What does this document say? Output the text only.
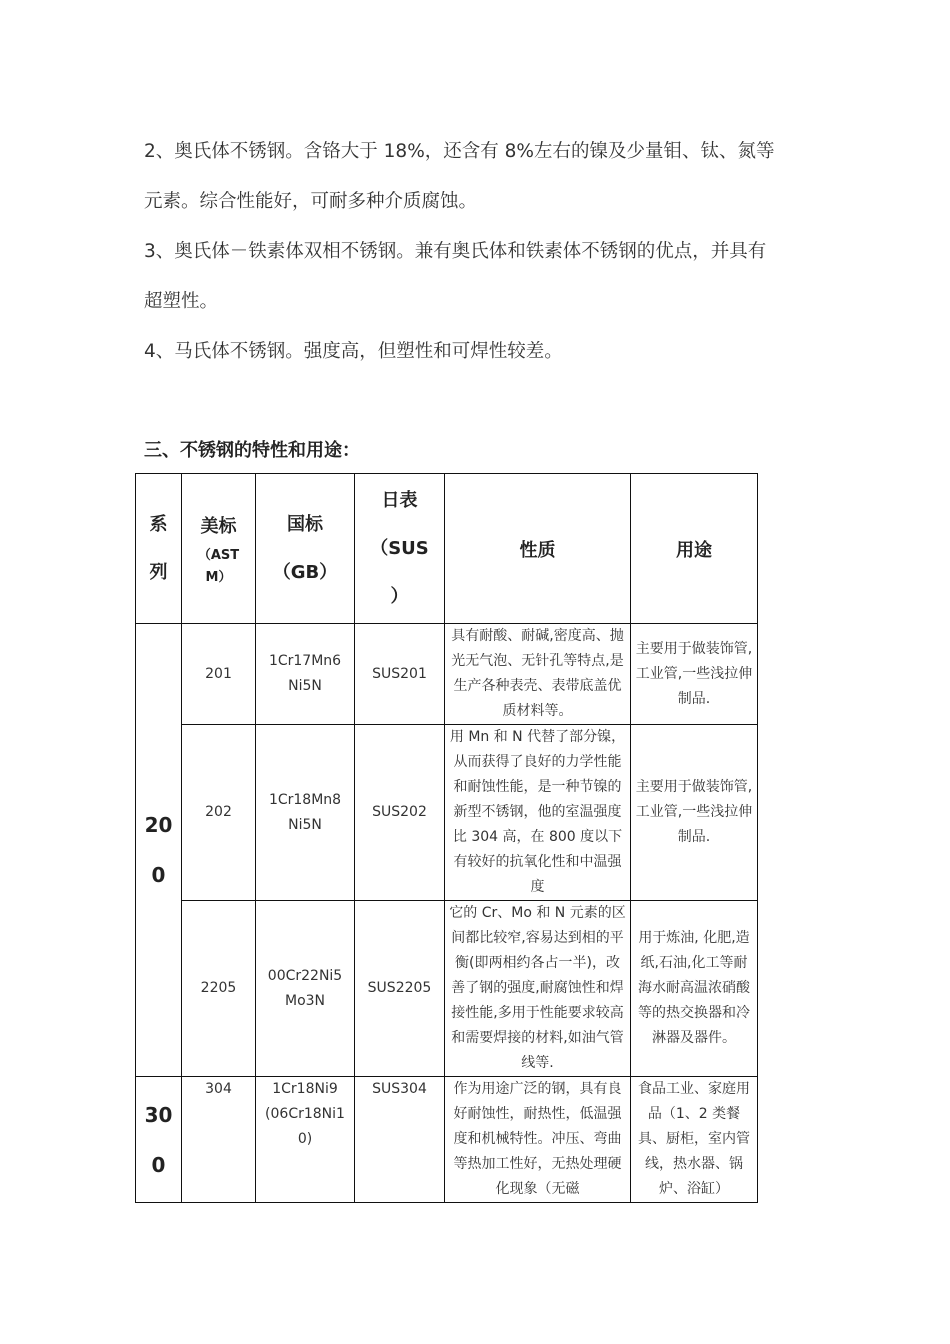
2、奥氏体不锈钢。含铬大于 18%，还含有 8%左右的镍及少量钼、钛、氮等
元素。综合性能好，可耐多种介质腐蚀。
3、奥氏体－铁素体双相不锈钢。兼有奥氏体和铁素体不锈钢的优点，并具有
超塑性。
4、马氏体不锈钢。强度高，但塑性和可焊性较差。
三、不锈钢的特性和用途：
系
列	美标
（AST
M）	国标
（GB）	日表
（SUS
）	性质	用途

20
0	201	1Cr17Mn6
Ni5N	SUS201	具有耐酸、耐碱,密度高、抛光无气泡、无针孔等特点,是生产各种表壳、表带底盖优质材料等。	主要用于做装饰管,工业管,一些浅拉伸制品.
	202	1Cr18Mn8
Ni5N	SUS202	用 Mn 和 N 代替了部分镍，从而获得了良好的力学性能和耐蚀性能，是一种节镍的新型不锈钢，他的室温强度比 304 高，在 800 度以下有较好的抗氧化性和中温强度	主要用于做装饰管,工业管,一些浅拉伸制品.
	2205	00Cr22Ni5
Mo3N	SUS2205	它的 Cr、Mo 和 N 元素的区间都比较窄,容易达到相的平衡(即两相约各占一半)，改善了钢的强度,耐腐蚀性和焊接性能,多用于性能要求较高和需要焊接的材料,如油气管线等.	用于炼油, 化肥,造纸,石油,化工等耐海水耐高温浓硝酸等的热交换器和冷淋器及器件。

30
0	304	1Cr18Ni9
(06Cr18Ni1
0)	SUS304	作为用途广泛的钢，具有良好耐蚀性，耐热性，低温强度和机械特性。冲压、弯曲等热加工性好，无热处理硬化现象（无磁	食品工业、家庭用品（1、2 类餐具、厨柜，室内管线，热水器、锅炉、浴缸）
